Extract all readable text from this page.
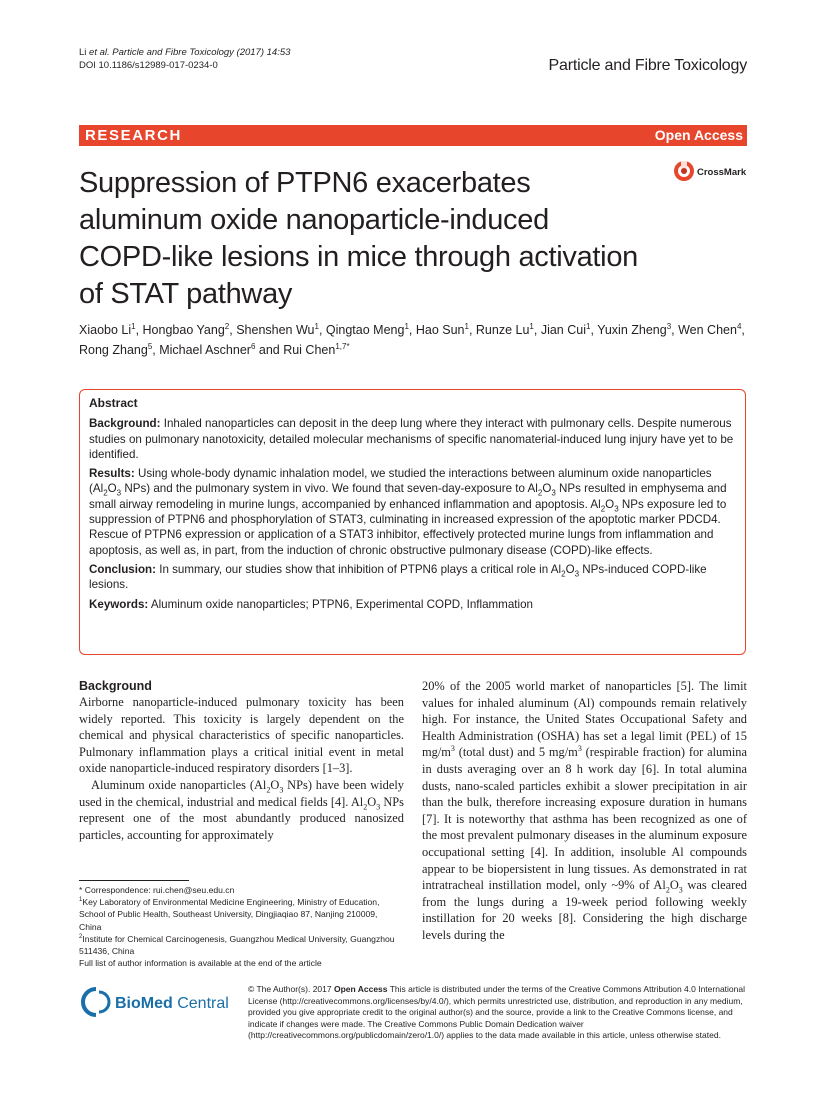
Li et al. Particle and Fibre Toxicology (2017) 14:53
DOI 10.1186/s12989-017-0234-0	Particle and Fibre Toxicology
RESEARCH	Open Access
CrossMark
Suppression of PTPN6 exacerbates aluminum oxide nanoparticle-induced COPD-like lesions in mice through activation of STAT pathway
Xiaobo Li$^1$, Hongbao Yang$^2$, Shenshen Wu$^1$, Qingtao Meng$^1$, Hao Sun$^1$, Runze Lu$^1$, Jian Cui$^1$, Yuxin Zheng$^3$, Wen Chen$^4$, Rong Zhang$^5$, Michael Aschner$^6$ and Rui Chen$^{1,7*}$
Abstract

Background: Inhaled nanoparticles can deposit in the deep lung where they interact with pulmonary cells. Despite numerous studies on pulmonary nanotoxicity, detailed molecular mechanisms of specific nanomaterial-induced lung injury have yet to be identified.

Results: Using whole-body dynamic inhalation model, we studied the interactions between aluminum oxide nanoparticles ($Al_2O_3$ NPs) and the pulmonary system in vivo. We found that seven-day-exposure to $Al_2O_3$ NPs resulted in emphysema and small airway remodeling in murine lungs, accompanied by enhanced inflammation and apoptosis. $Al_2O_3$ NPs exposure led to suppression of PTPN6 and phosphorylation of STAT3, culminating in increased expression of the apoptotic marker PDCD4. Rescue of PTPN6 expression or application of a STAT3 inhibitor, effectively protected murine lungs from inflammation and apoptosis, as well as, in part, from the induction of chronic obstructive pulmonary disease (COPD)-like effects.

Conclusion: In summary, our studies show that inhibition of PTPN6 plays a critical role in $Al_2O_3$ NPs-induced COPD-like lesions.

Keywords: Aluminum oxide nanoparticles; PTPN6, Experimental COPD, Inflammation

Background

Airborne nanoparticle-induced pulmonary toxicity has been widely reported. This toxicity is largely dependent on the chemical and physical characteristics of specific nanoparticles. Pulmonary inflammation plays a critical initial event in metal oxide nanoparticle-induced respiratory disorders [1–3].

Aluminum oxide nanoparticles ($Al_2O_3$ NPs) have been widely used in the chemical, industrial and medical fields [4]. $Al_2O_3$ NPs represent one of the most abundantly produced nanosized particles, accounting for approximately

20% of the 2005 world market of nanoparticles [5]. The limit values for inhaled aluminum (Al) compounds remain relatively high. For instance, the United States Occupational Safety and Health Administration (OSHA) has set a legal limit (PEL) of 15 $mg/m^3$ (total dust) and 5 $mg/m^3$ (respirable fraction) for alumina in dusts averaging over an 8 h work day [6]. In total alumina dusts, nano-scaled particles exhibit a slower precipitation in air than the bulk, therefore increasing exposure duration in humans [7]. It is noteworthy that asthma has been recognized as one of the most prevalent pulmonary diseases in the aluminum exposure occupational setting [4]. In addition, insoluble Al compounds appear to be biopersistent in lung tissues. As demonstrated in rat intratracheal instillation model, only ~9% of $Al_2O_3$ was cleared from the lungs during a 19-week period following weekly instillation for 20 weeks [8]. Considering the high discharge levels during the

* Correspondence: rui.chen@seu.edu.cn

$^1$Key Laboratory of Environmental Medicine Engineering, Ministry of Education, School of Public Health, Southeast University, Dingjiaqiao 87, Nanjing 210009, China

$^2$Institute for Chemical Carcinogenesis, Guangzhou Medical University, Guangzhou 511436, China

Full list of author information is available at the end of the article

BioMed Central
© The Author(s). 2017 Open Access This article is distributed under the terms of the Creative Commons Attribution 4.0 International License (http://creativecommons.org/licenses/by/4.0/), which permits unrestricted use, distribution, and reproduction in any medium, provided you give appropriate credit to the original author(s) and the source, provide a link to the Creative Commons license, and indicate if changes were made. The Creative Commons Public Domain Dedication waiver (http://creativecommons.org/publicdomain/zero/1.0/) applies to the data made available in this article, unless otherwise stated.
